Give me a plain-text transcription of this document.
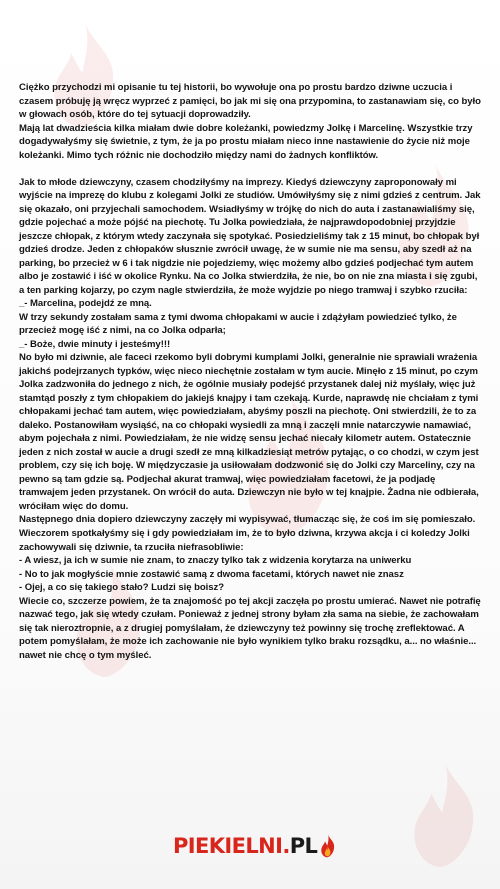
Ciężko przychodzi mi opisanie tu tej historii, bo wywołuje ona po prostu bardzo dziwne uczucia i czasem próbuję ją wręcz wyprzeć z pamięci, bo jak mi się ona przypomina, to zastanawiam się, co było w głowach osób, które do tej sytuacji doprowadziły.

Mają lat dwadzieścia kilka miałam dwie dobre koleżanki, powiedzmy Jolkę i Marcelinę. Wszystkie trzy dogadywałyśmy się świetnie, z tym, że ja po prostu miałam nieco inne nastawienie do życie niż moje koleżanki. Mimo tych różnic nie dochodziło między nami do żadnych konfliktów.

Jak to młode dziewczyny, czasem chodziłyśmy na imprezy. Kiedyś dziewczyny zaproponowały mi wyjście na imprezę do klubu z kolegami Jolki ze studiów. Umówiłyśmy się z nimi gdzieś z centrum. Jak się okazało, oni przyjechali samochodem. Wsiadłyśmy w trójkę do nich do auta i zastanawialiśmy się, gdzie pojechać a może pójść na piechotę. Tu Jolka powiedziała, że najprawdopodobniej przyjdzie jeszcze chłopak, z którym wtedy zaczynała się spotykać. Posiedzieliśmy tak z 15 minut, bo chłopak był gdzieś drodze. Jeden z chłopaków słusznie zwrócił uwagę, że w sumie nie ma sensu, aby szedł aż na parking, bo przecież w 6 i tak nigdzie nie pojedziemy, więc możemy albo gdzieś podjechać tym autem albo je zostawić i iść w okolice Rynku. Na co Jolka stwierdziła, że nie, bo on nie zna miasta i się zgubi, a ten parking kojarzy, po czym nagle stwierdziła, że może wyjdzie po niego tramwaj i szybko rzuciła:

_- Marcelina, podejdź ze mną.

W trzy sekundy zostałam sama z tymi dwoma chłopakami w aucie i zdążyłam powiedzieć tylko, że przecież mogę iść z nimi, na co Jolka odparła;

_- Boże, dwie minuty i jesteśmy!!!

No było mi dziwnie, ale faceci rzekomo byli dobrymi kumplami Jolki, generalnie nie sprawiali wrażenia jakichś podejrzanych typków, więc nieco niechętnie zostałam w tym aucie. Minęło z 15 minut, po czym Jolka zadzwoniła do jednego z nich, że ogólnie musiały podejść przystanek dalej niż myślały, więc już stamtąd poszły z tym chłopakiem do jakiejś knajpy i tam czekają. Kurde, naprawdę nie chciałam z tymi chłopakami jechać tam autem, więc powiedziałam, abyśmy poszli na piechotę. Oni stwierdzili, że to za daleko. Postanowiłam wysiąść, na co chłopaki wysiedli za mną i zaczęli mnie natarczywie namawiać, abym pojechała z nimi. Powiedziałam, że nie widzę sensu jechać niecały kilometr autem. Ostatecznie jeden z nich został w aucie a drugi szedł ze mną kilkadziesiąt metrów pytając, o co chodzi, w czym jest problem, czy się ich boję. W międzyczasie ja usiłowałam dodzwonić się do Jolki czy Marceliny, czy na pewno są tam gdzie są. Podjechał akurat tramwaj, więc powiedziałam facetowi, że ja podjadę tramwajem jeden przystanek. On wrócił do auta. Dziewczyn nie było w tej knajpie. Żadna nie odbierała, wróciłam więc do domu.

Następnego dnia dopiero dziewczyny zaczęły mi wypisywać, tłumacząc się, że coś im się pomieszało. Wieczorem spotkałyśmy się i gdy powiedziałam im, że to było dziwna, krzywa akcja i ci koledzy Jolki zachowywali się dziwnie, ta rzuciła niefrasobliwie:

- A wiesz, ja ich w sumie nie znam, to znaczy tylko tak z widzenia korytarza na uniwerku

- No to jak mogłyście mnie zostawić samą z dwoma facetami, których nawet nie znasz

- Ojej, a co się takiego stało? Ludzi się boisz?

Wiecie co, szczerze powiem, że ta znajomość po tej akcji zaczęła po prostu umierać. Nawet nie potrafię nazwać tego, jak się wtedy czułam. Ponieważ z jednej strony byłam zła sama na siebie, że zachowałam się tak nieroztropnie, a z drugiej pomyślałam, że dziewczyny też powinny się trochę zreflektować. A potem pomyślałam, że może ich zachowanie nie było wynikiem tylko braku rozsądku, a... no właśnie... nawet nie chcę o tym myśleć.

PIEKIELNI.PL
